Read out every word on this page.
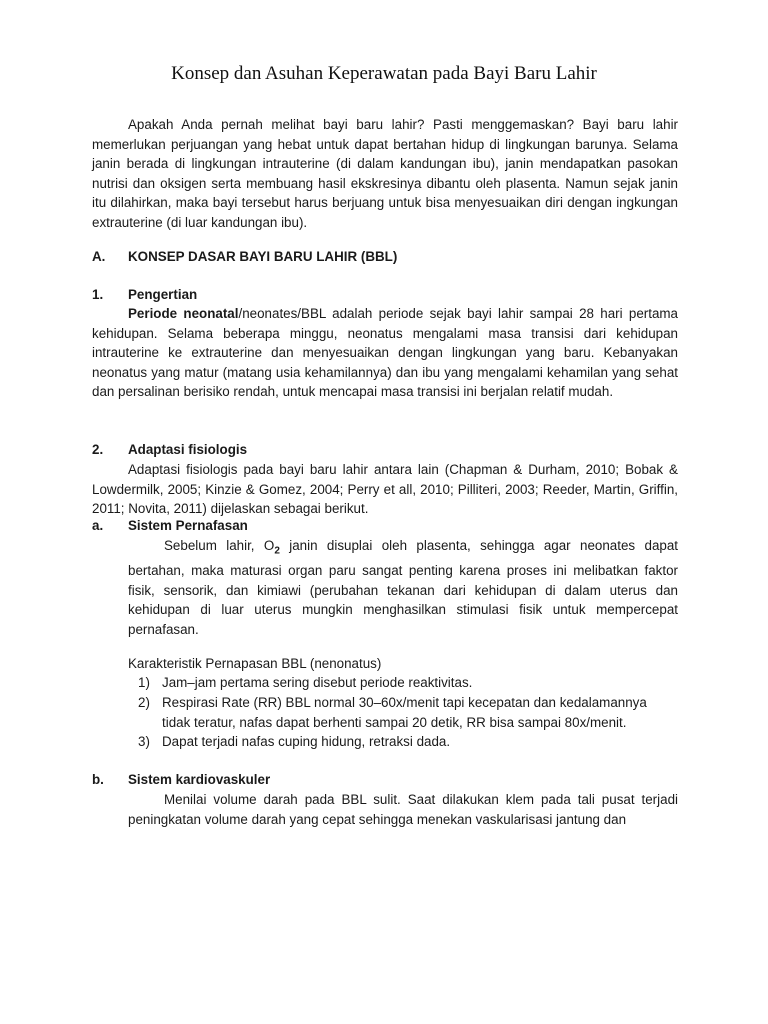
Konsep dan Asuhan Keperawatan pada Bayi Baru Lahir
Apakah Anda pernah melihat bayi baru lahir? Pasti menggemaskan? Bayi baru lahir memerlukan perjuangan yang hebat untuk dapat bertahan hidup di lingkungan barunya. Selama janin berada di lingkungan intrauterine (di dalam kandungan ibu), janin mendapatkan pasokan nutrisi dan oksigen serta membuang hasil ekskresinya dibantu oleh plasenta. Namun sejak janin itu dilahirkan, maka bayi tersebut harus berjuang untuk bisa menyesuaikan diri dengan ingkungan extrauterine (di luar kandungan ibu).
A. KONSEP DASAR BAYI BARU LAHIR (BBL)
1. Pengertian
Periode neonatal/neonates/BBL adalah periode sejak bayi lahir sampai 28 hari pertama kehidupan. Selama beberapa minggu, neonatus mengalami masa transisi dari kehidupan intrauterine ke extrauterine dan menyesuaikan dengan lingkungan yang baru. Kebanyakan neonatus yang matur (matang usia kehamilannya) dan ibu yang mengalami kehamilan yang sehat dan persalinan berisiko rendah, untuk mencapai masa transisi ini berjalan relatif mudah.
2. Adaptasi fisiologis
Adaptasi fisiologis pada bayi baru lahir antara lain (Chapman & Durham, 2010; Bobak & Lowdermilk, 2005; Kinzie & Gomez, 2004; Perry et all, 2010; Pilliteri, 2003; Reeder, Martin, Griffin, 2011; Novita, 2011) dijelaskan sebagai berikut.
a. Sistem Pernafasan
Sebelum lahir, $O_2$ janin disuplai oleh plasenta, sehingga agar neonates dapat bertahan, maka maturasi organ paru sangat penting karena proses ini melibatkan faktor fisik, sensorik, dan kimiawi (perubahan tekanan dari kehidupan di dalam uterus dan kehidupan di luar uterus mungkin menghasilkan stimulasi fisik untuk mempercepat pernafasan.
Karakteristik Pernapasan BBL (nenonatus)
1) Jam–jam pertama sering disebut periode reaktivitas.
2) Respirasi Rate (RR) BBL normal 30–60x/menit tapi kecepatan dan kedalamannya tidak teratur, nafas dapat berhenti sampai 20 detik, RR bisa sampai 80x/menit.
3) Dapat terjadi nafas cuping hidung, retraksi dada.
b. Sistem kardiovaskuler
Menilai volume darah pada BBL sulit. Saat dilakukan klem pada tali pusat terjadi peningkatan volume darah yang cepat sehingga menekan vaskularisasi jantung dan
